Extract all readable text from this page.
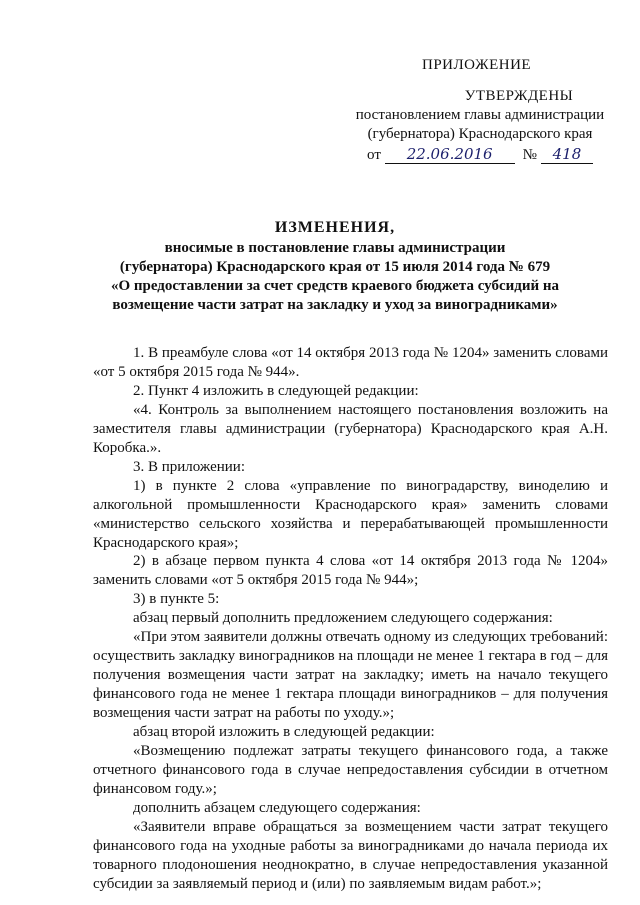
ПРИЛОЖЕНИЕ
УТВЕРЖДЕНЫ
постановлением главы администрации
(губернатора) Краснодарского края
от 22.06.2016 № 418
ИЗМЕНЕНИЯ,
вносимые в постановление главы администрации
(губернатора) Краснодарского края от 15 июля 2014 года № 679
«О предоставлении за счет средств краевого бюджета субсидий на
возмещение части затрат на закладку и уход за виноградниками»

1. В преамбуле слова «от 14 октября 2013 года № 1204» заменить словами «от 5 октября 2015 года № 944».

2. Пункт 4 изложить в следующей редакции:

«4. Контроль за выполнением настоящего постановления возложить на заместителя главы администрации (губернатора) Краснодарского края А.Н. Коробка.».

3. В приложении:

1) в пункте 2 слова «управление по виноградарству, виноделию и алкогольной промышленности Краснодарского края» заменить словами «министерство сельского хозяйства и перерабатывающей промышленности Краснодарского края»;

2) в абзаце первом пункта 4 слова «от 14 октября 2013 года № 1204» заменить словами «от 5 октября 2015 года № 944»;

3) в пункте 5:

абзац первый дополнить предложением следующего содержания:

«При этом заявители должны отвечать одному из следующих требований: осуществить закладку виноградников на площади не менее 1 гектара в год – для получения возмещения части затрат на закладку; иметь на начало текущего финансового года не менее 1 гектара площади виноградников – для получения возмещения части затрат на работы по уходу.»;

абзац второй изложить в следующей редакции:

«Возмещению подлежат затраты текущего финансового года, а также отчетного финансового года в случае непредоставления субсидии в отчетном финансовом году.»;

дополнить абзацем следующего содержания:

«Заявители вправе обращаться за возмещением части затрат текущего финансового года на уходные работы за виноградниками до начала периода их товарного плодоношения неоднократно, в случае непредоставления указанной субсидии за заявляемый период и (или) по заявляемым видам работ.»;
